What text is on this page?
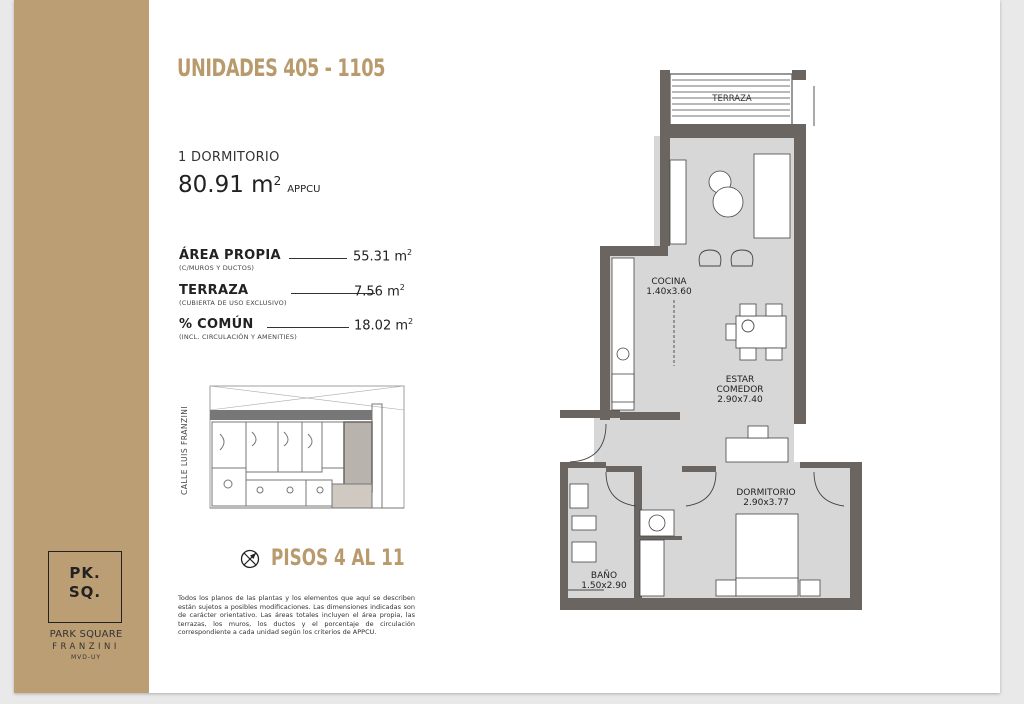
UNIDADES 405 - 1105
1 DORMITORIO
80.91 $m^2APPCU$
ÁREA PROPIA
(C/MUROS Y DUCTOS)
55.31 $m^2$
TERRAZA
(CUBIERTA DE USO EXCLUSIVO)
7.56 $m^2$
% COMÚN
(INCL. CIRCULACIÓN Y AMENITIES)
18.02 $m^2$
CALLE LUIS FRANZINI
PISOS 4 AL 11
Todos los planos de las plantas y los elementos que aquí se describen están sujetos a posibles modificaciones. Las dimensiones indicadas son de carácter orientativo. Las áreas totales incluyen el área propia, las terrazas, los muros, los ductos y el porcentaje de circulación correspondiente a cada unidad según los criterios de APPCU.
PK.
SQ.
PARK SQUARE
FRANZINI
MVD-UY
TERRAZA
COCINA
1.40x3.60
ESTAR
COMEDOR
2.90x7.40
DORMITORIO
2.90x3.77
BAÑO
1.50x2.90
